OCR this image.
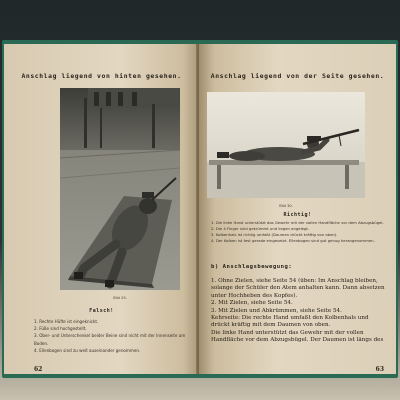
Anschlag liegend von hinten gesehen.
Bild 29.
Falsch!
1. Rechte Hüfte ist eingeknickt.
2. Füße sind hochgestellt.
3. Ober- und Unterschenkel beider Beine sind nicht mit der Innenseite am Boden.
4. Ellenbogen sind zu weit auseinander genommen.
62
Anschlag liegend von der Seite gesehen.
Bild 30.
Richtig!
1. Die linke Hand unterstützt das Gewehr mit der vollen Handfläche vor dem Abzugsbügel.
2. Die 4 Finger sind gekrümmt und liegen angelegt.
3. Kolbenhals ist richtig umfaßt (Daumen drückt kräftig von oben).
4. Der Kolben ist fest gerade eingesetzt. Ellenbogen sind gut genug herangenommen.
b) Anschlagsbewegung:

1. Ohne Zielen, siehe Seite 54 (üben: Im Anschlag bleiben, solange der Schüler den Atem anhalten kann. Dann absetzen unter Hochheben des Kopfes).

2. Mit Zielen, siehe Seite 54.

3. Mit Zielen und Abkrümmen, siehe Seite 54.

Kehrseite: Die rechte Hand umfaßt den Kolbenhals und drückt kräftig mit dem Daumen von oben.

Die linke Hand unterstützt das Gewehr mit der vollen Handfläche vor dem Abzugsbügel. Der Daumen ist längs des

63
